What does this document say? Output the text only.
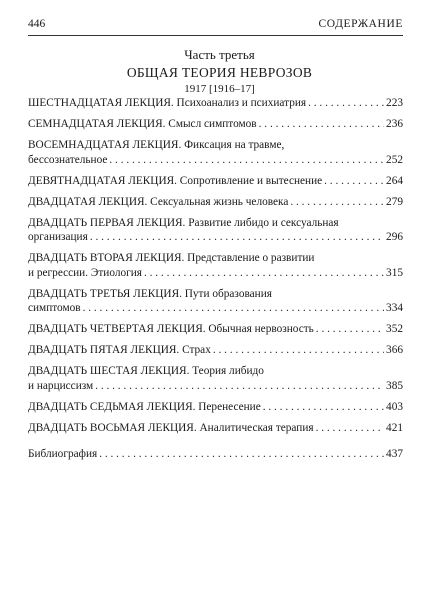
446	СОДЕРЖАНИЕ
Часть третья
ОБЩАЯ ТЕОРИЯ НЕВРОЗОВ
1917 [1916–17]
ШЕСТНАДЦАТАЯ ЛЕКЦИЯ. Психоанализ и психиатрия . . .	223
СЕМНАДЦАТАЯ ЛЕКЦИЯ. Смысл симптомов . . .	236
ВОСЕМНАДЦАТАЯ ЛЕКЦИЯ. Фиксация на травме,
бессознательное . . .	252
ДЕВЯТНАДЦАТАЯ ЛЕКЦИЯ. Сопротивление и вытеснение . . .	264
ДВАДЦАТАЯ ЛЕКЦИЯ. Сексуальная жизнь человека . . .	279
ДВАДЦАТЬ ПЕРВАЯ ЛЕКЦИЯ. Развитие либидо и сексуальная
организация . . .	296
ДВАДЦАТЬ ВТОРАЯ ЛЕКЦИЯ. Представление о развитии
и регрессии. Этиология . . .	315
ДВАДЦАТЬ ТРЕТЬЯ ЛЕКЦИЯ. Пути образования
симптомов . . .	334
ДВАДЦАТЬ ЧЕТВЕРТАЯ ЛЕКЦИЯ. Обычная нервозность . . .	352
ДВАДЦАТЬ ПЯТАЯ ЛЕКЦИЯ. Страх . . .	366
ДВАДЦАТЬ ШЕСТАЯ ЛЕКЦИЯ. Теория либидо
и нарциссизм . . .	385
ДВАДЦАТЬ СЕДЬМАЯ ЛЕКЦИЯ. Перенесение . . .	403
ДВАДЦАТЬ ВОСЬМАЯ ЛЕКЦИЯ. Аналитическая терапия . . .	421
Библиография . . .	437
